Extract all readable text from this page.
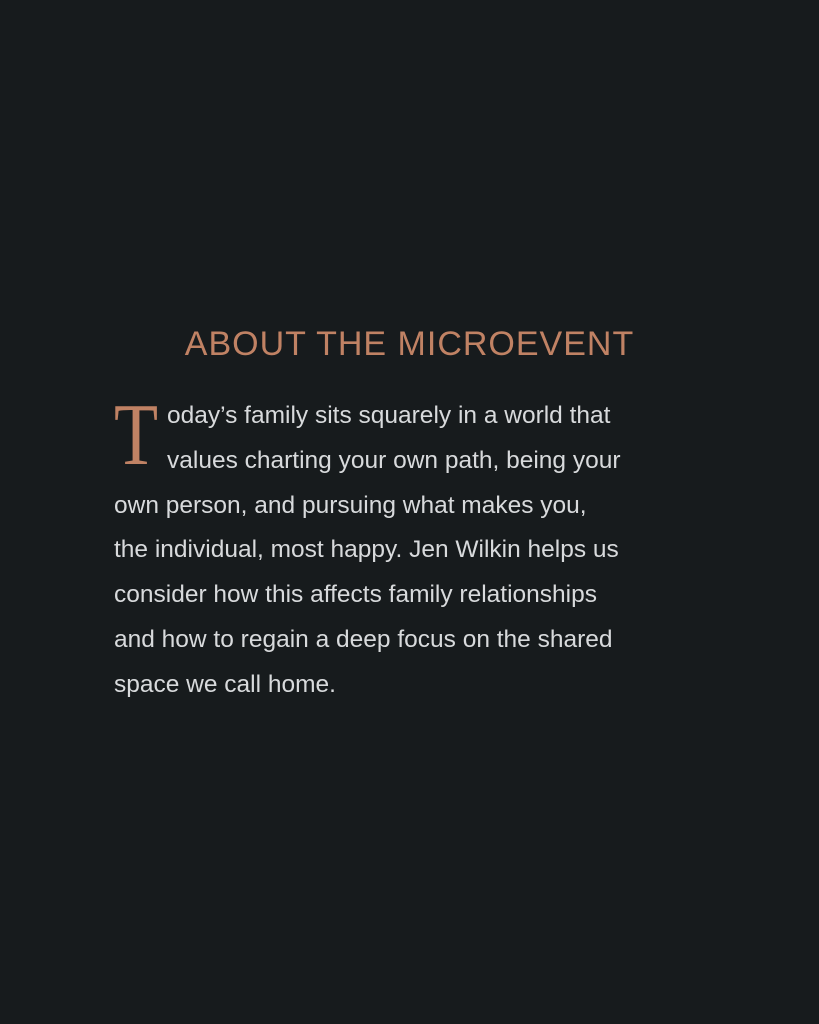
ABOUT THE MICROEVENT
T oday’s family sits squarely in a world that
values charting your own path, being your
own person, and pursuing what makes you,
the individual, most happy. Jen Wilkin helps us
consider how this affects family relationships
and how to regain a deep focus on the shared
space we call home.
